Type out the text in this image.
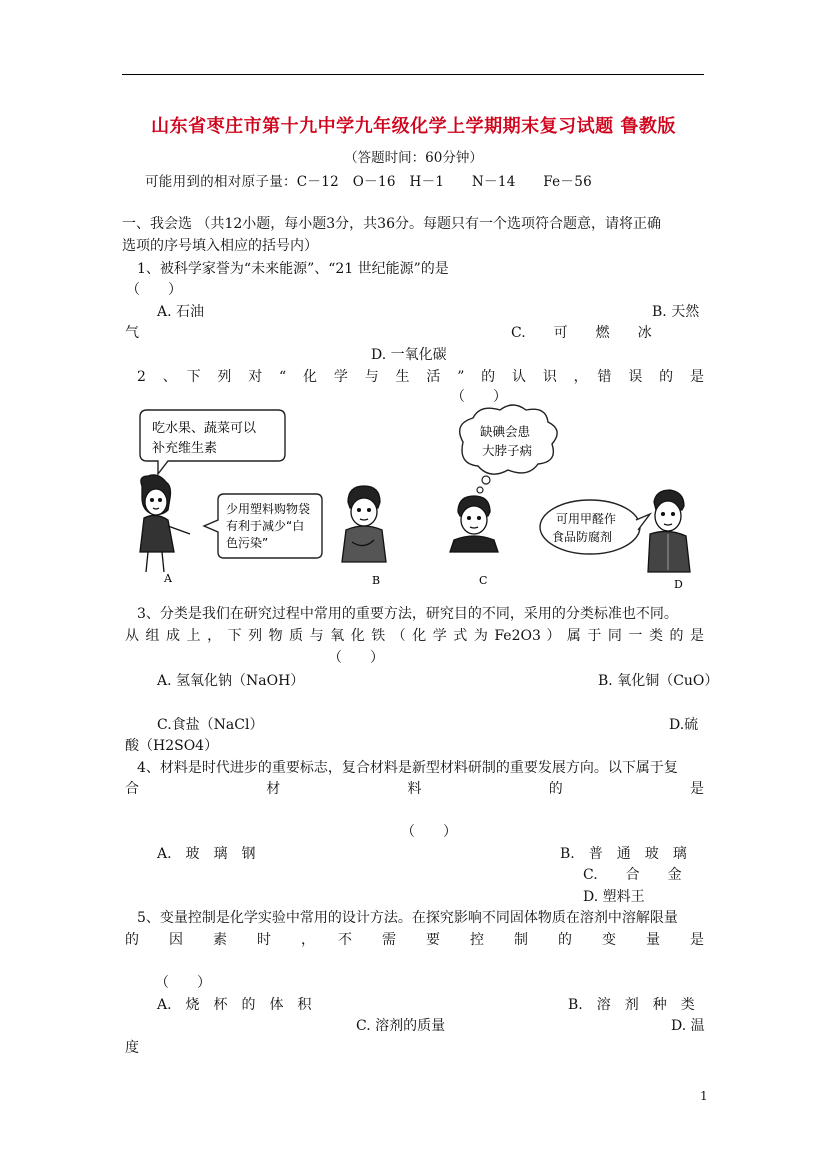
山东省枣庄市第十九中学九年级化学上学期期末复习试题 鲁教版
（答题时间：60分钟）
可能用到的相对原子量：C－12　O－16　H－1　　N－14　　Fe－56
一、我会选 （共12小题，每小题3分，共36分。每题只有一个选项符合题意，请将正确
选项的序号填入相应的括号内）
1、被科学家誉为“未来能源”、“21 世纪能源”的是
（　　）
A. 石油	B. 天然
气	C.　　可　　燃　　冰
D. 一氧化碳
2　、　下　列　对　“　化　学　与　生　活　”　的　认　识　，　错　误　的　是
（　　）
吃水果、蔬菜可以
补充维生素
少用塑料购物袋
有利于减少“白
色污染”
缺碘会患
大脖子病
可用甲醛作
食品防腐剂
A	B	C	D
3、分类是我们在研究过程中常用的重要方法，研究目的不同，采用的分类标准也不同。
从 组 成 上 ， 下 列 物 质 与 氧 化 铁 （ 化 学 式 为 Fe2O3 ） 属 于 同 一 类 的 是
（　　）
A. 氢氧化钠（NaOH）	B. 氧化铜（CuO）
C.食盐（NaCl）	D.硫
酸（H2SO4）
4、材料是时代进步的重要标志，复合材料是新型材料研制的重要发展方向。以下属于复
合　　　　　　材　　　　　　料　　　　　　的　　　　　　是
（　　）
A.　玻　璃　钢	B.　普　通　玻　璃
C.　　合　　金
D. 塑料王
5、变量控制是化学实验中常用的设计方法。在探究影响不同固体物质在溶剂中溶解限量
的　　因　　素　　时　　，　　不　　需　　要　　控　　制　　的　　变　　量　　是
（　　）
A.　烧　杯　的　体　积	B.　溶　剂　种　类
C. 溶剂的质量	D. 温
度
1
